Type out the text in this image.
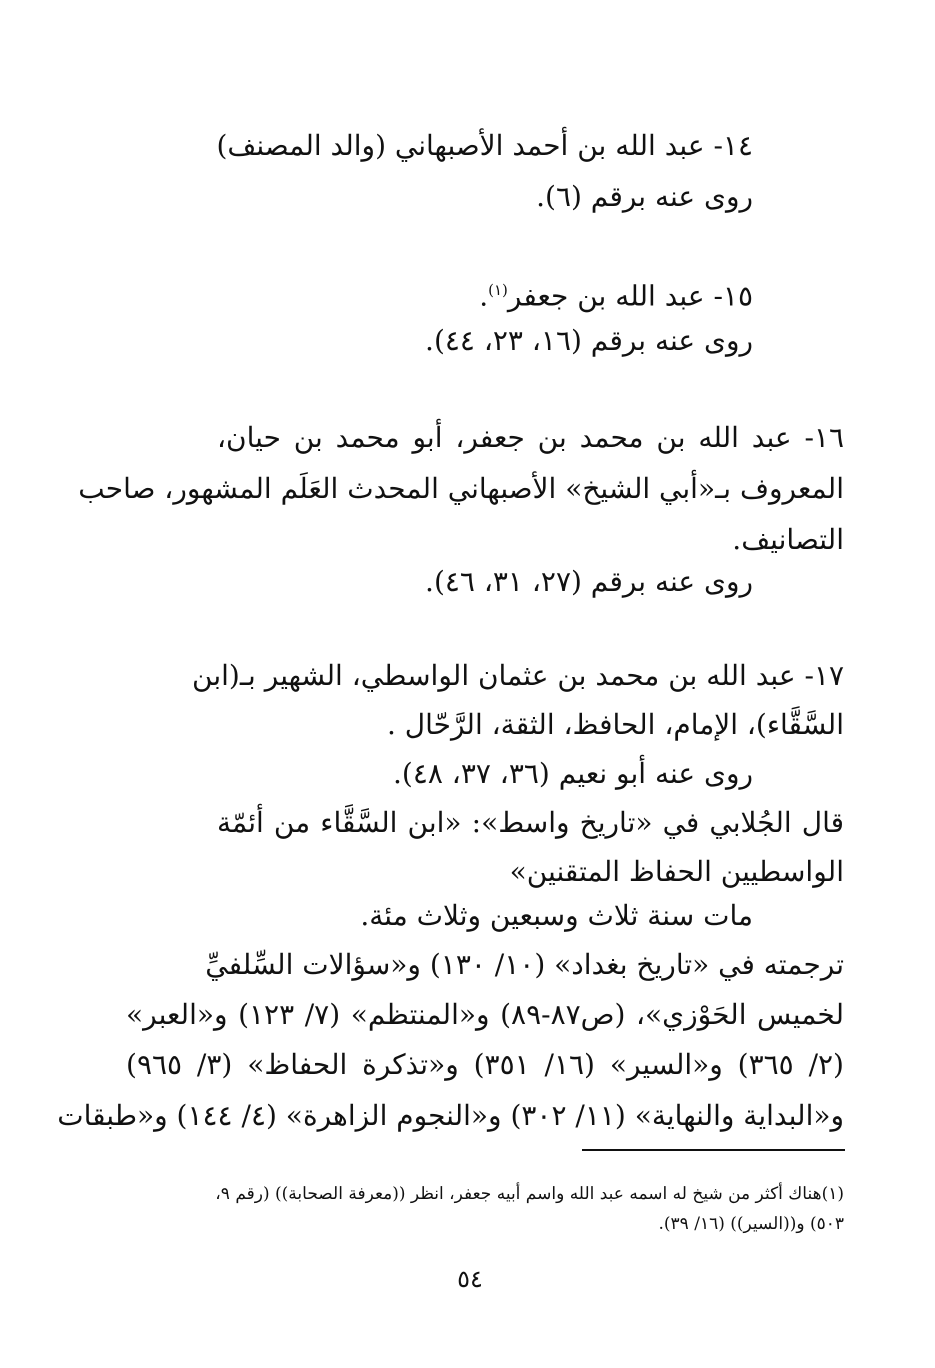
١٤- عبد الله بن أحمد الأصبهاني (والد المصنف)
روى عنه برقم (٦).
١٥- عبد الله بن جعفر$^{(١)}$.
روى عنه برقم (١٦، ٢٣، ٤٤).
١٦- عبد الله بن محمد بن جعفر، أبو محمد بن حيان،
المعروف بـ«أبي الشيخ» الأصبهاني المحدث العَلَم المشهور، صاحب
التصانيف.
روى عنه برقم (٢٧، ٣١، ٤٦).
١٧- عبد الله بن محمد بن عثمان الواسطي، الشهير بـ(ابن
السَّقَّاء)، الإمام، الحافظ، الثقة، الرَّحّال .
روى عنه أبو نعيم (٣٦، ٣٧، ٤٨).
قال الجُلابي في «تاريخ واسط»: «ابن السَّقَّاء من أئمّة
الواسطيين الحفاظ المتقنين»
مات سنة ثلاث وسبعين وثلاث مئة.
ترجمته في «تاريخ بغداد» (١٠/ ١٣٠) و«سؤالات السِّلفيِّ
لخميس الحَوْزي»، (ص٨٧-٨٩) و«المنتظم» (٧/ ١٢٣) و«العبر»
(٢/ ٣٦٥) و«السير» (١٦/ ٣٥١) و«تذكرة الحفاظ» (٣/ ٩٦٥)
و«البداية والنهاية» (١١/ ٣٠٢) و«النجوم الزاهرة» (٤/ ١٤٤) و«طبقات
(١)هناك أكثر من شيخ له اسمه عبد الله واسم أبيه جعفر، انظر ((معرفة الصحابة)) (رقم ٩،
٥٠٣) و((السير)) (١٦/ ٣٩).
٥٤
